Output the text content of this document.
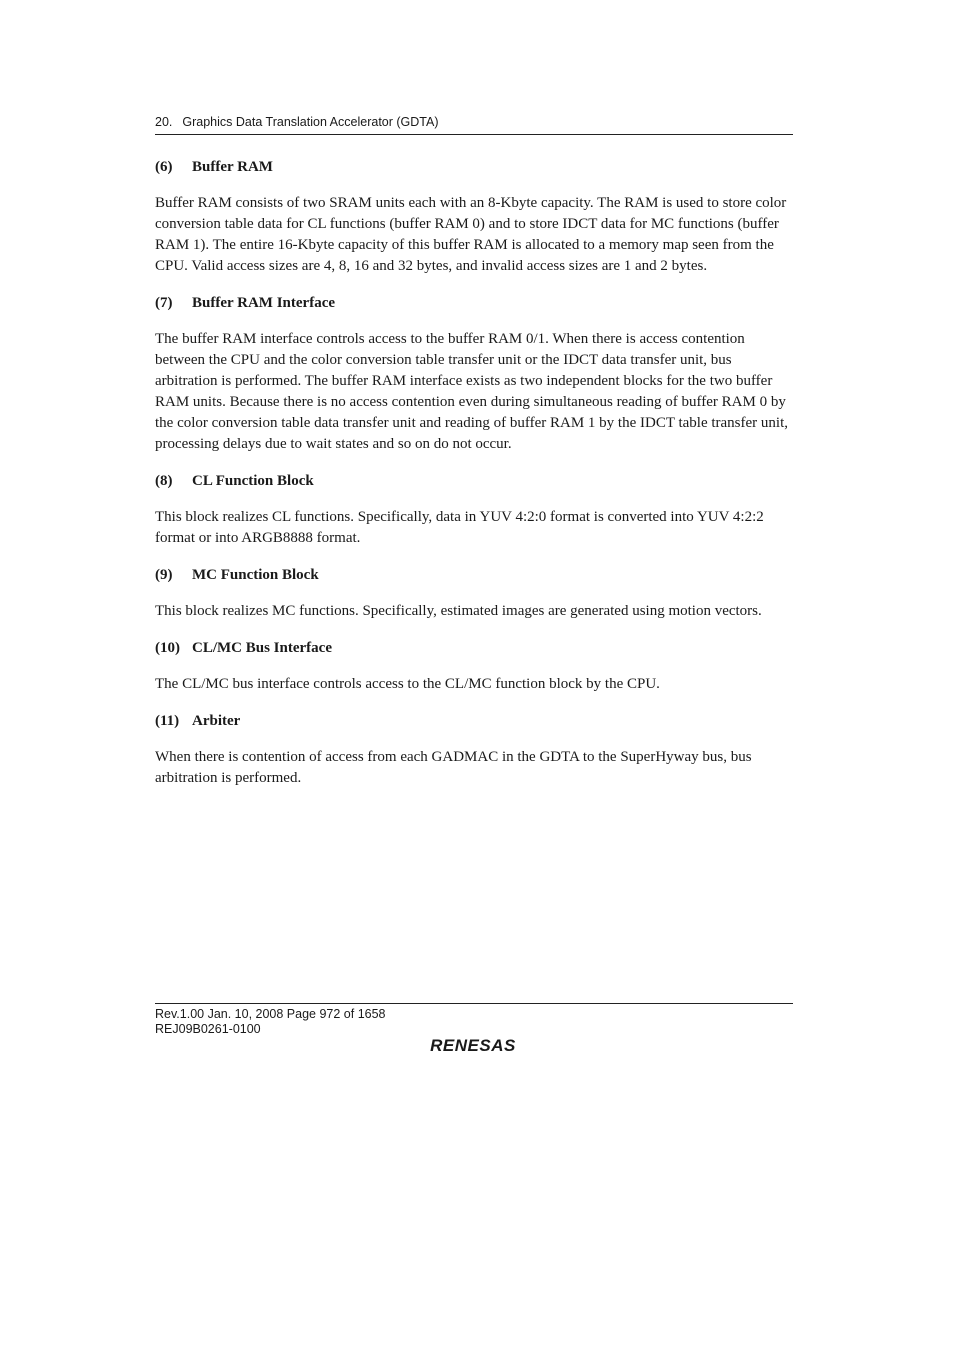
20. Graphics Data Translation Accelerator (GDTA)
(6) Buffer RAM

Buffer RAM consists of two SRAM units each with an 8-Kbyte capacity. The RAM is used to store color conversion table data for CL functions (buffer RAM 0) and to store IDCT data for MC functions (buffer RAM 1). The entire 16-Kbyte capacity of this buffer RAM is allocated to a memory map seen from the CPU. Valid access sizes are 4, 8, 16 and 32 bytes, and invalid access sizes are 1 and 2 bytes.

(7) Buffer RAM Interface

The buffer RAM interface controls access to the buffer RAM 0/1. When there is access contention between the CPU and the color conversion table transfer unit or the IDCT data transfer unit, bus arbitration is performed. The buffer RAM interface exists as two independent blocks for the two buffer RAM units. Because there is no access contention even during simultaneous reading of buffer RAM 0 by the color conversion table data transfer unit and reading of buffer RAM 1 by the IDCT table transfer unit, processing delays due to wait states and so on do not occur.

(8) CL Function Block

This block realizes CL functions. Specifically, data in YUV 4:2:0 format is converted into YUV 4:2:2 format or into ARGB8888 format.

(9) MC Function Block

This block realizes MC functions. Specifically, estimated images are generated using motion vectors.

(10) CL/MC Bus Interface

The CL/MC bus interface controls access to the CL/MC function block by the CPU.

(11) Arbiter

When there is contention of access from each GADMAC in the GDTA to the SuperHyway bus, bus arbitration is performed.

Rev.1.00 Jan. 10, 2008 Page 972 of 1658
REJ09B0261-0100
RENESAS
